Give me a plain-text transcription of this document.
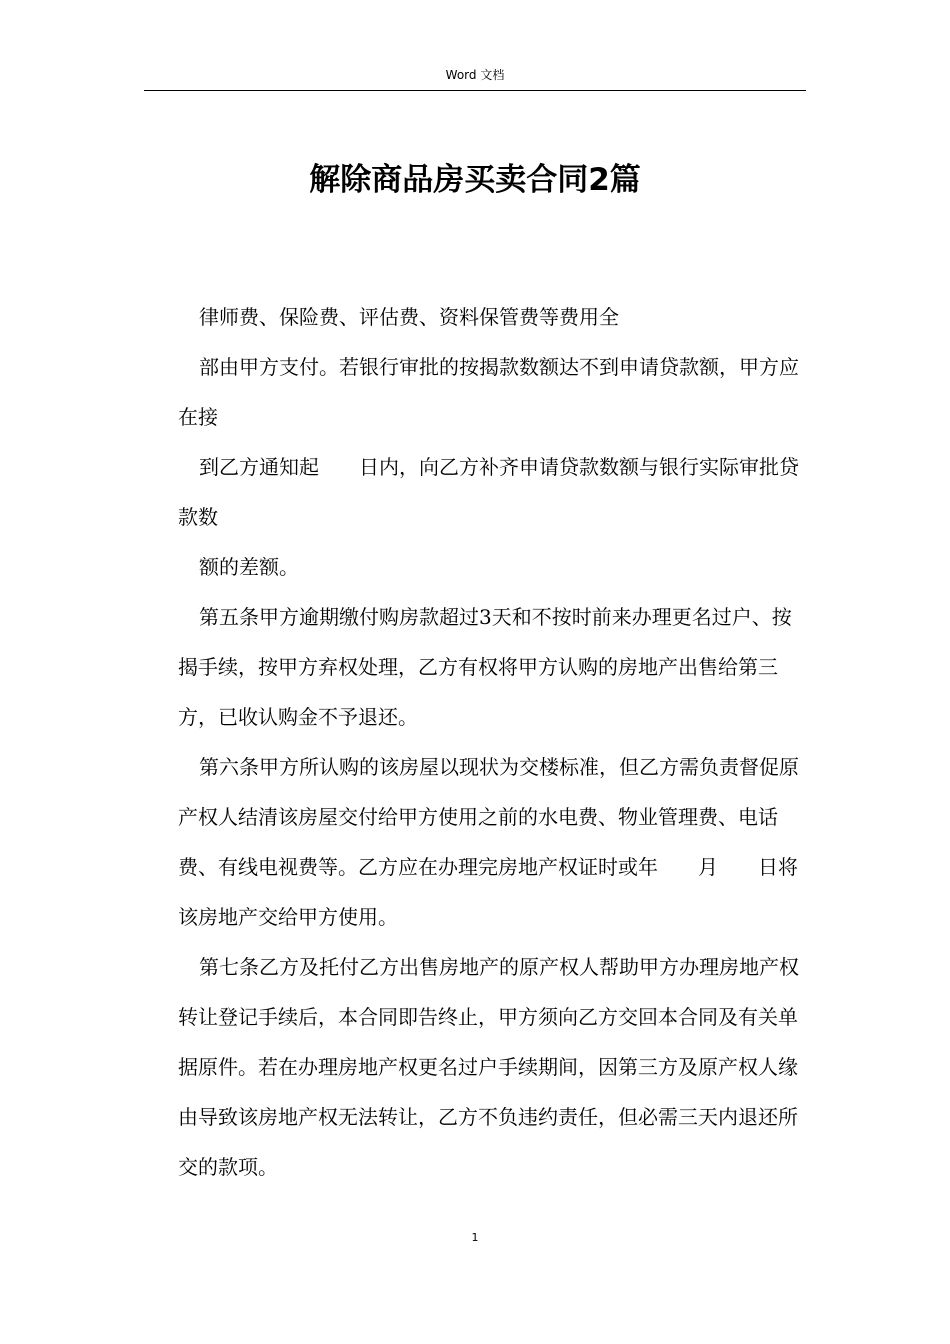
Word 文档
解除商品房买卖合同2篇

律师费、保险费、评估费、资料保管费等费用全

部由甲方支付。若银行审批的按揭款数额达不到申请贷款额，甲方应在接

到乙方通知起　　日内，向乙方补齐申请贷款数额与银行实际审批贷款数

额的差额。

第五条甲方逾期缴付购房款超过3天和不按时前来办理更名过户、按揭手续，按甲方弃权处理，乙方有权将甲方认购的房地产出售给第三方，已收认购金不予退还。

第六条甲方所认购的该房屋以现状为交楼标准，但乙方需负责督促原产权人结清该房屋交付给甲方使用之前的水电费、物业管理费、电话费、有线电视费等。乙方应在办理完房地产权证时或年　　月　　日将该房地产交给甲方使用。

第七条乙方及托付乙方出售房地产的原产权人帮助甲方办理房地产权转让登记手续后，本合同即告终止，甲方须向乙方交回本合同及有关单据原件。若在办理房地产权更名过户手续期间，因第三方及原产权人缘由导致该房地产权无法转让，乙方不负违约责任，但必需三天内退还所交的款项。

1
